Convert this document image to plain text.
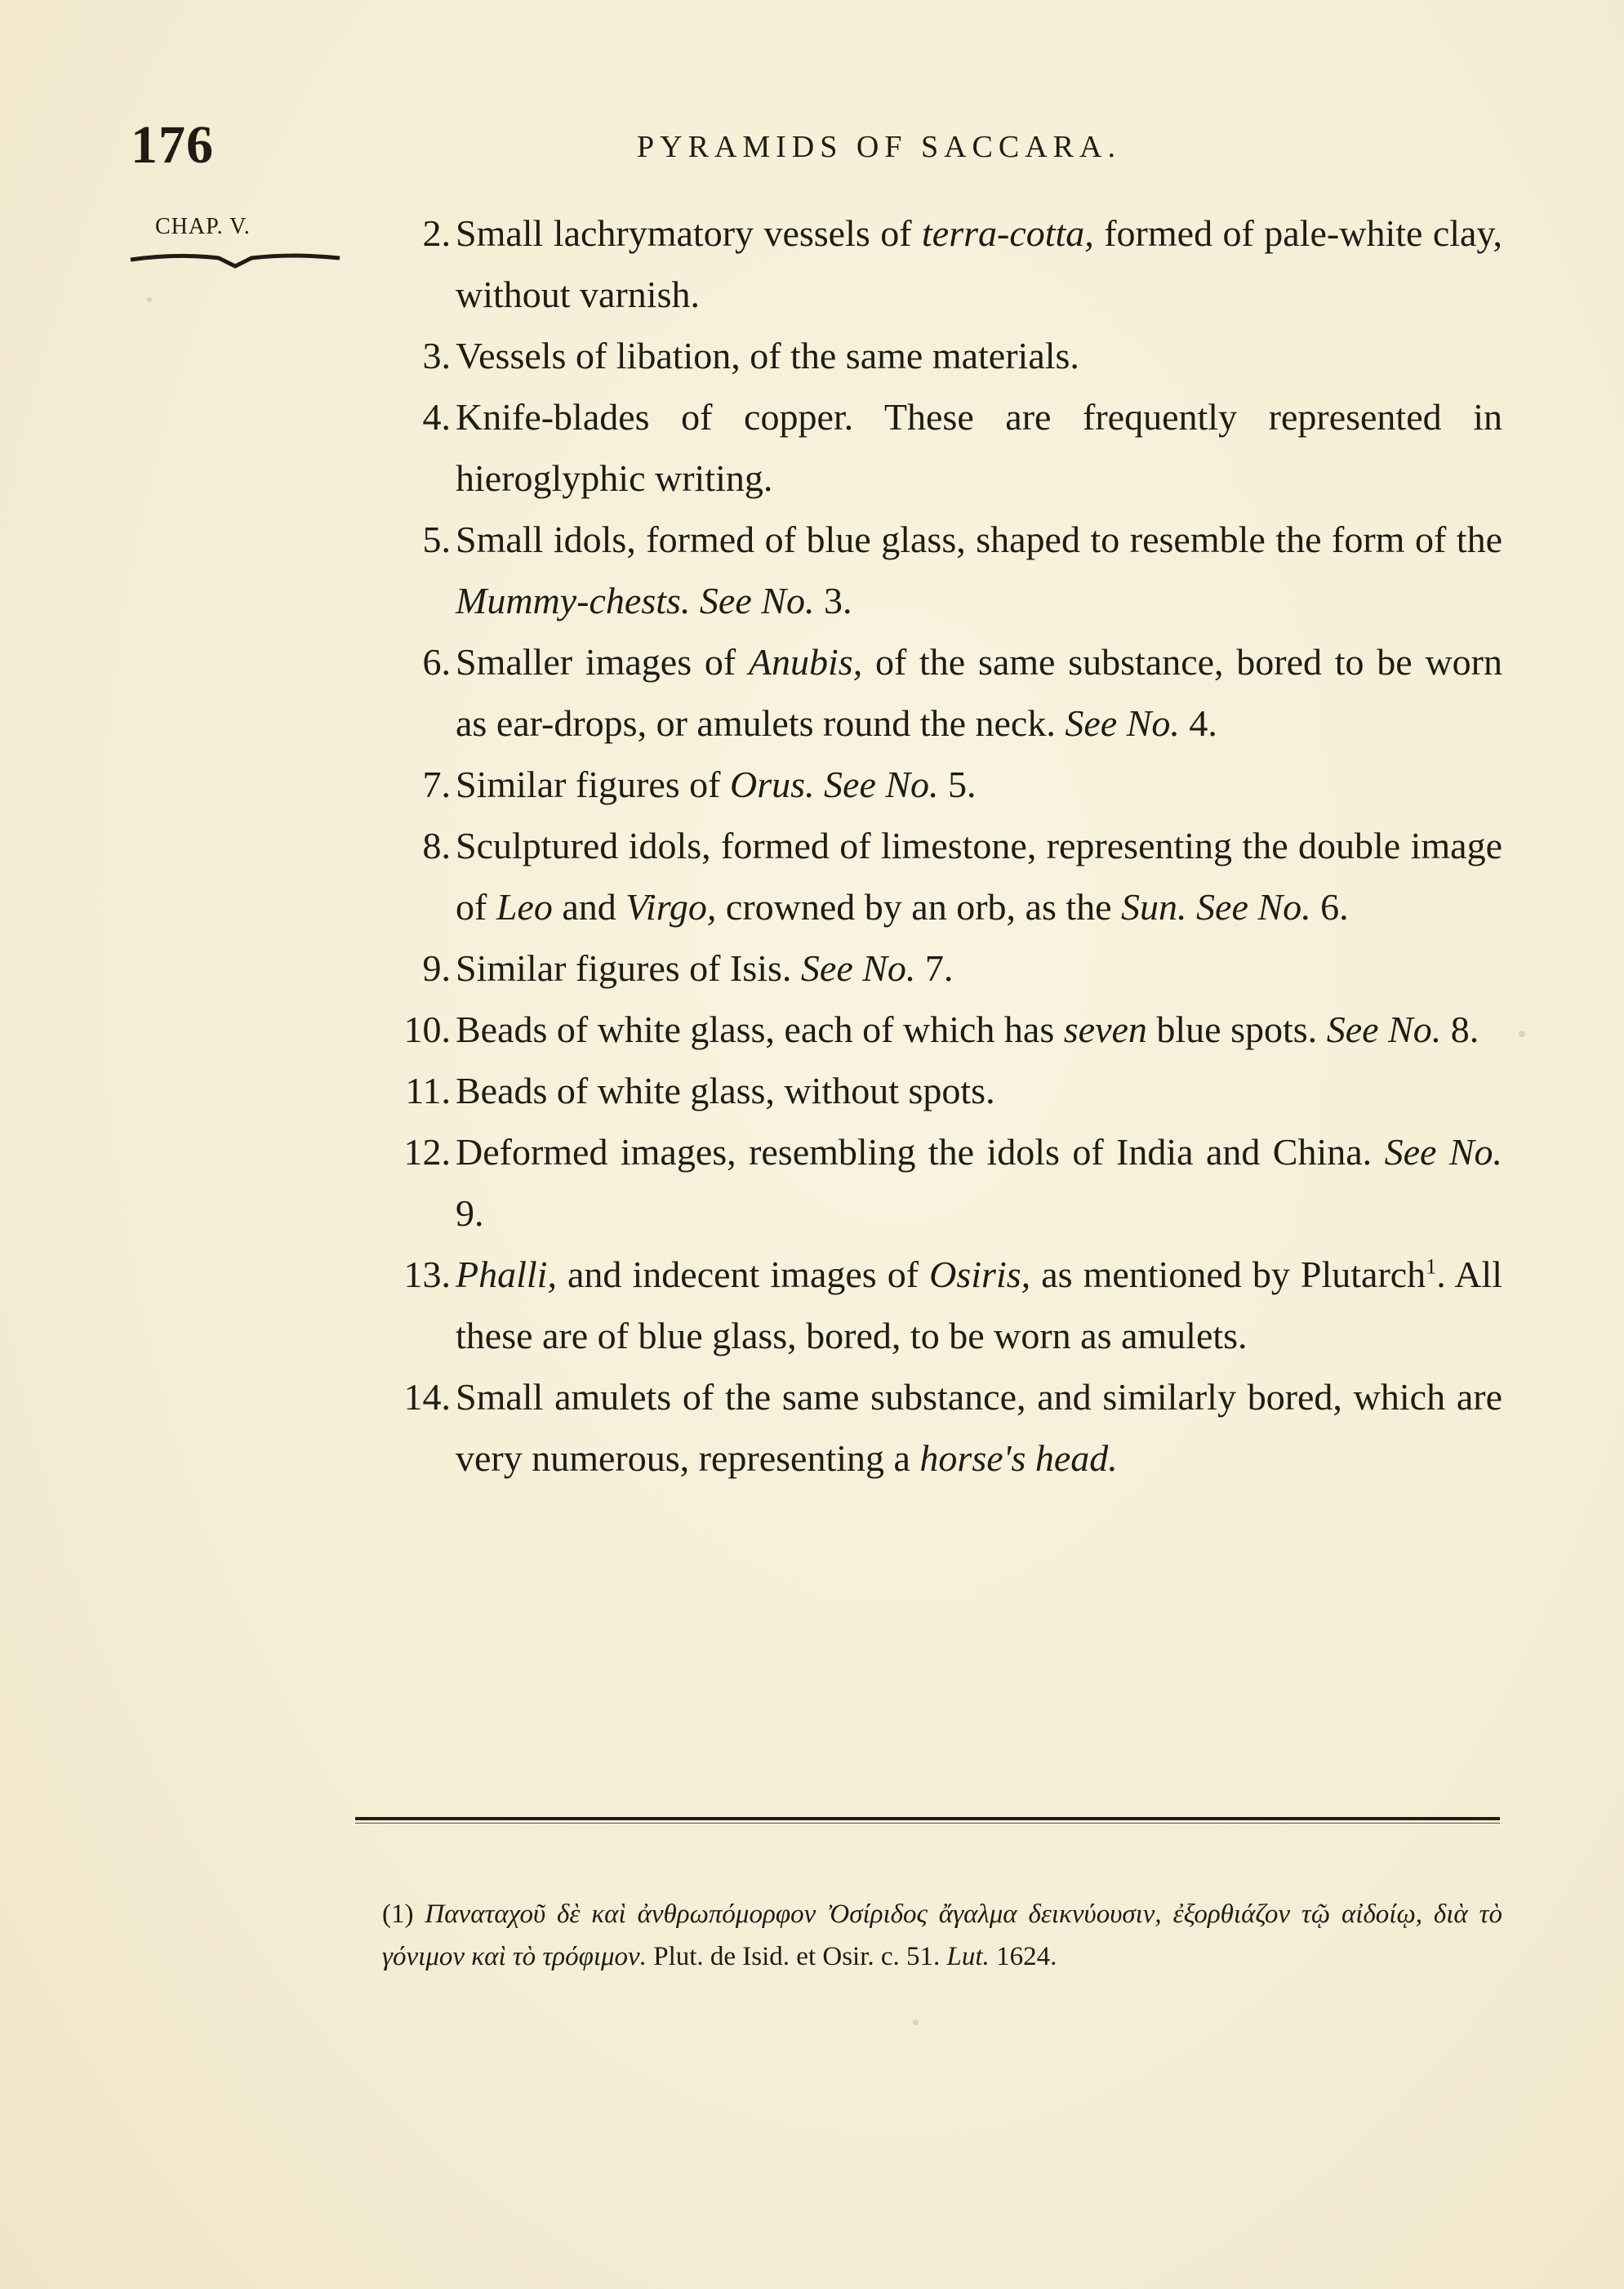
176	PYRAMIDS OF SACCARA.
CHAP. V.	2. Small lachrymatory vessels of terra-cotta, formed of pale-white clay, without varnish.
3. Vessels of libation, of the same materials.
4. Knife-blades of copper. These are frequently represented in hieroglyphic writing.
5. Small idols, formed of blue glass, shaped to resemble the form of the Mummy-chests. See No. 3.
6. Smaller images of Anubis, of the same substance, bored to be worn as ear-drops, or amulets round the neck. See No. 4.
7. Similar figures of Orus. See No. 5.
8. Sculptured idols, formed of limestone, representing the double image of Leo and Virgo, crowned by an orb, as the Sun. See No. 6.
9. Similar figures of Isis. See No. 7.
10. Beads of white glass, each of which has seven blue spots. See No. 8.
11. Beads of white glass, without spots.
12. Deformed images, resembling the idols of India and China. See No. 9.
13. Phalli, and indecent images of Osiris, as mentioned by Plutarch$^1$. All these are of blue glass, bored, to be worn as amulets.
14. Small amulets of the same substance, and similarly bored, which are very numerous, representing a horse's head.
(1) Παναταχοῦ δὲ καὶ ἀνθρωπόμορφον Ὀσίριδος ἄγαλμα δεικνύουσιν, ἐξορθιάζον τῷ αἰδοίῳ, διὰ τὸ γόνιμον καὶ τὸ τρόφιμον. Plut. de Isid. et Osir. c. 51. Lut. 1624.
